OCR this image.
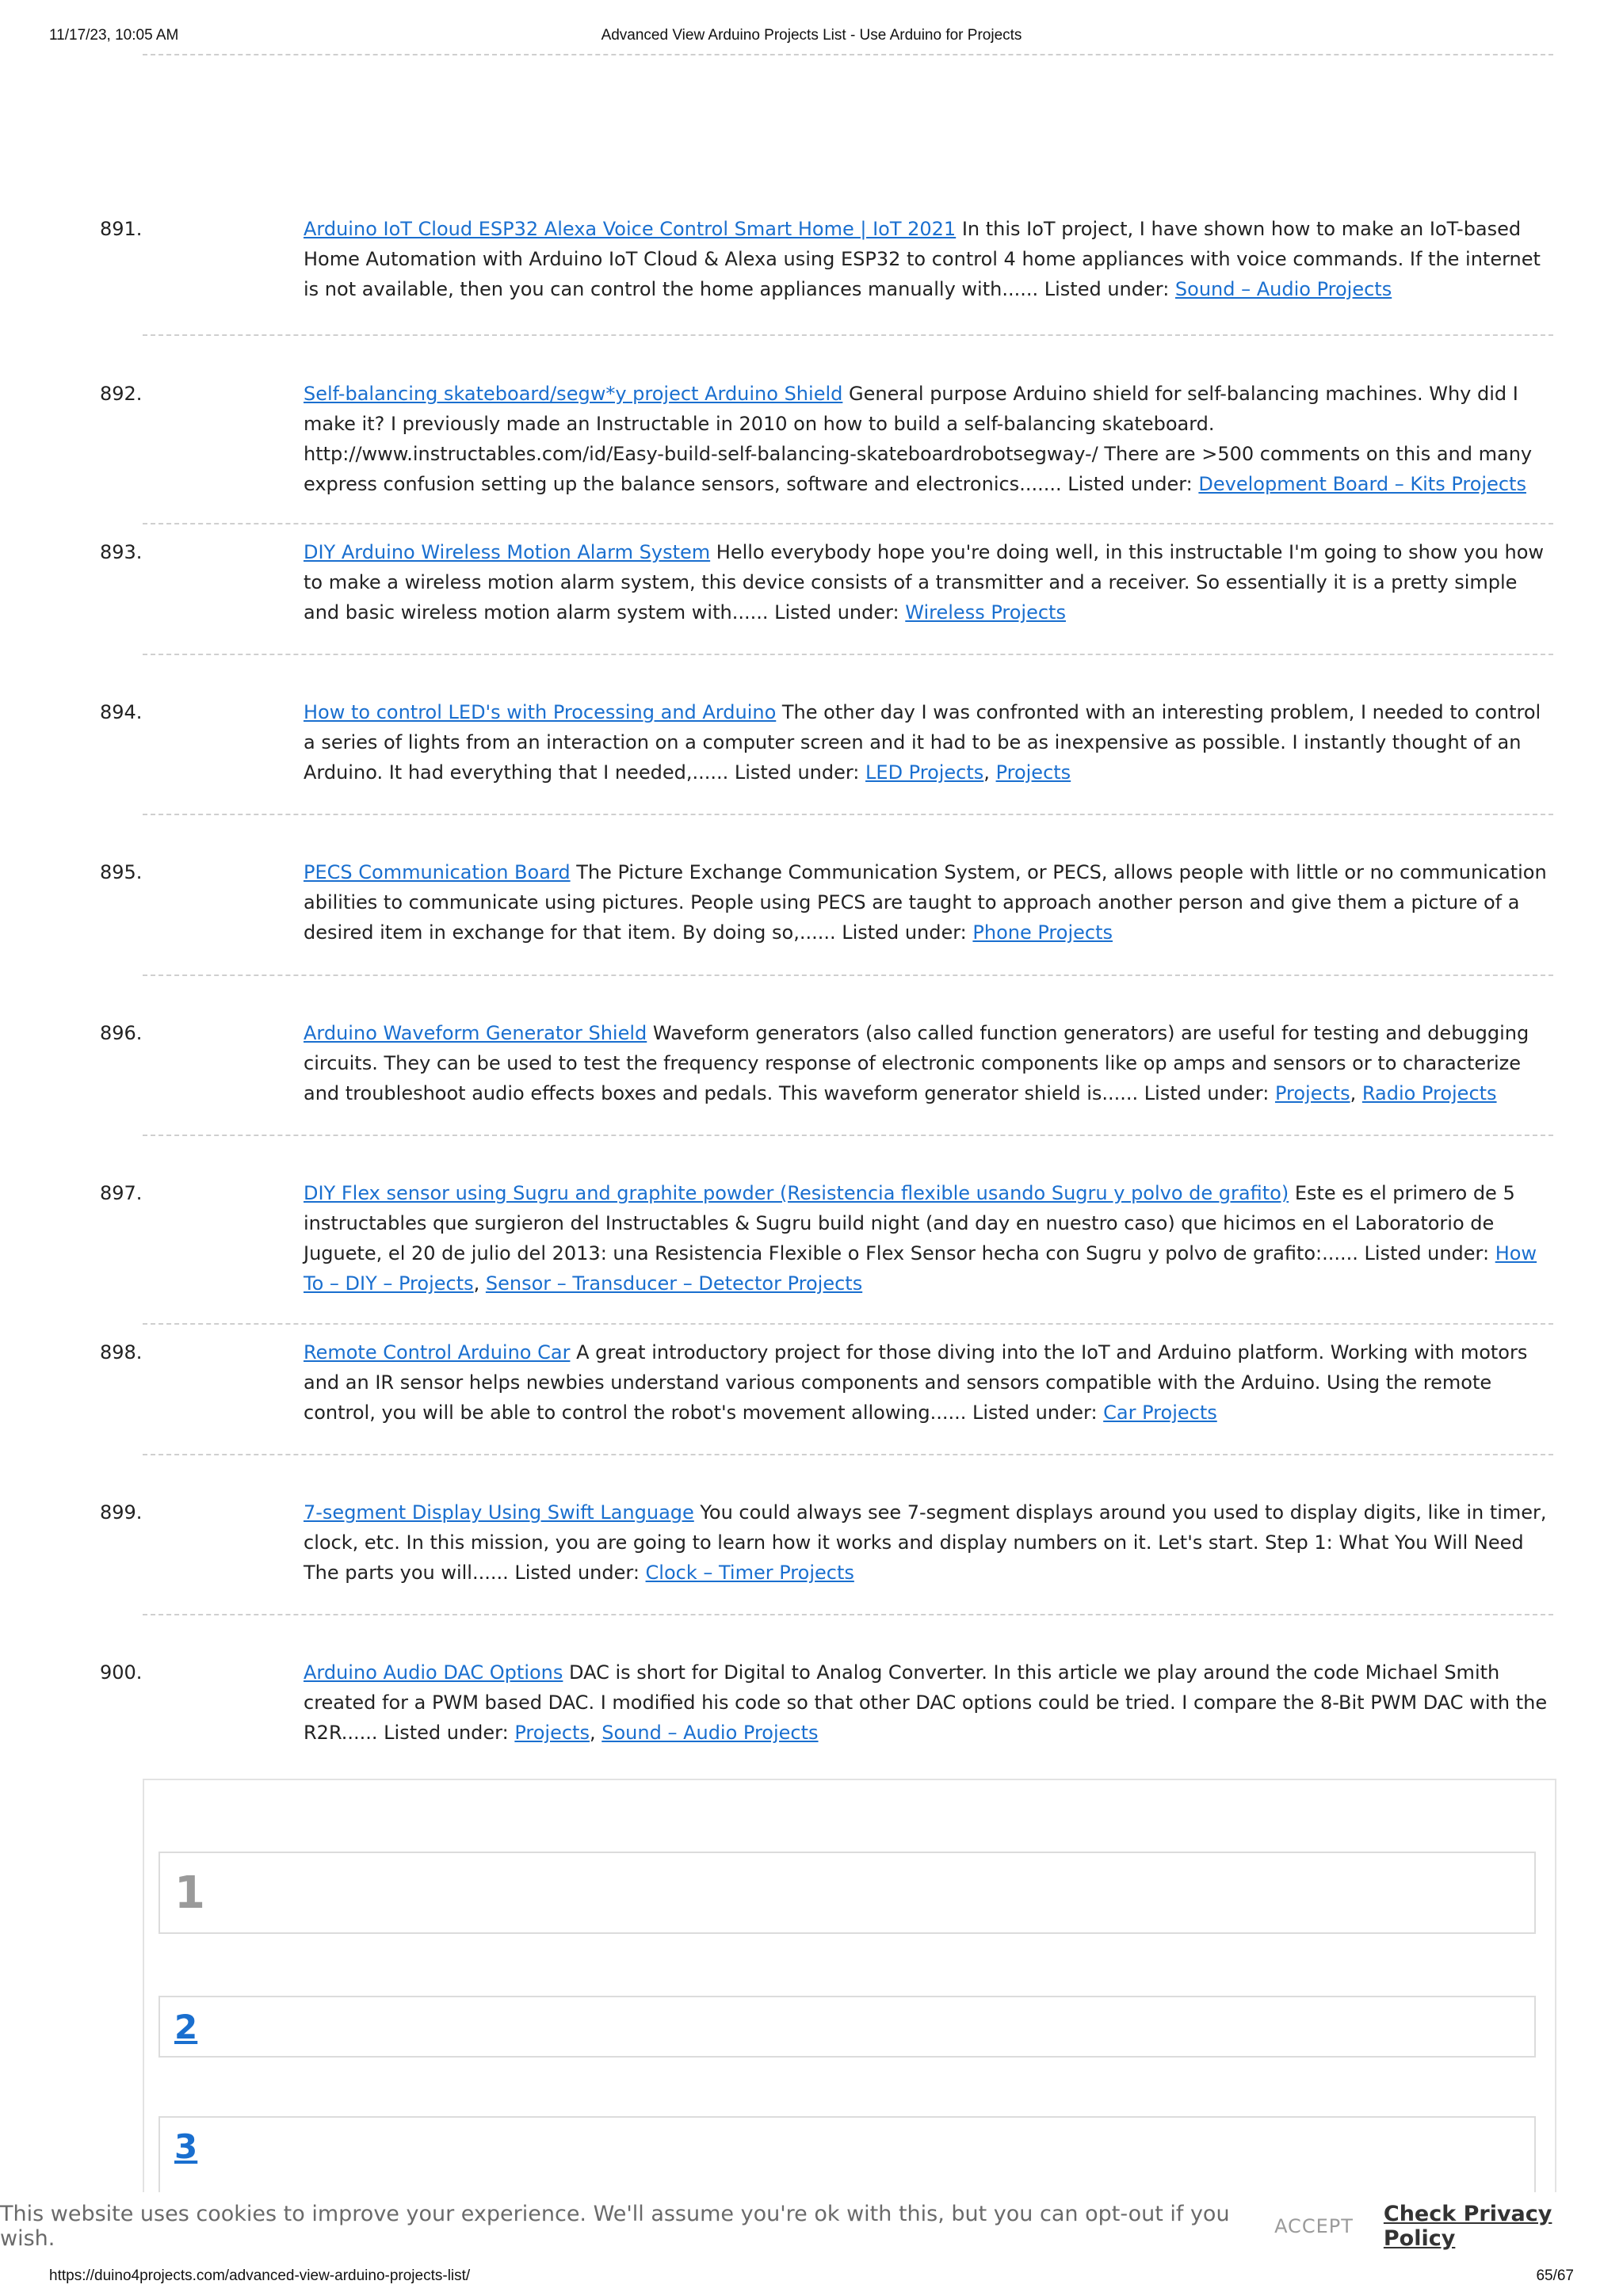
11/17/23, 10:05 AM	Advanced View Arduino Projects List - Use Arduino for Projects
891.	Arduino IoT Cloud ESP32 Alexa Voice Control Smart Home | IoT 2021 In this IoT project, I have shown how to make an IoT-based Home Automation with Arduino IoT Cloud & Alexa using ESP32 to control 4 home appliances with voice commands. If the internet is not available, then you can control the home appliances manually with...... Listed under: Sound – Audio Projects
892.	Self-balancing skateboard/segw*y project Arduino Shield General purpose Arduino shield for self-balancing machines. Why did I make it? I previously made an Instructable in 2010 on how to build a self-balancing skateboard. http://www.instructables.com/id/Easy-build-self-balancing-skateboardrobotsegway-/ There are >500 comments on this and many express confusion setting up the balance sensors, software and electronics....... Listed under: Development Board – Kits Projects
893.	DIY Arduino Wireless Motion Alarm System Hello everybody hope you're doing well, in this instructable I'm going to show you how to make a wireless motion alarm system, this device consists of a transmitter and a receiver. So essentially it is a pretty simple and basic wireless motion alarm system with...... Listed under: Wireless Projects
894.	How to control LED's with Processing and Arduino The other day I was confronted with an interesting problem, I needed to control a series of lights from an interaction on a computer screen and it had to be as inexpensive as possible. I instantly thought of an Arduino. It had everything that I needed,...... Listed under: LED Projects, Projects
895.	PECS Communication Board The Picture Exchange Communication System, or PECS, allows people with little or no communication abilities to communicate using pictures. People using PECS are taught to approach another person and give them a picture of a desired item in exchange for that item. By doing so,...... Listed under: Phone Projects
896.	Arduino Waveform Generator Shield Waveform generators (also called function generators) are useful for testing and debugging circuits. They can be used to test the frequency response of electronic components like op amps and sensors or to characterize and troubleshoot audio effects boxes and pedals. This waveform generator shield is...... Listed under: Projects, Radio Projects
897.	DIY Flex sensor using Sugru and graphite powder (Resistencia flexible usando Sugru y polvo de grafito) Este es el primero de 5 instructables que surgieron del Instructables & Sugru build night (and day en nuestro caso) que hicimos en el Laboratorio de Juguete, el 20 de julio del 2013: una Resistencia Flexible o Flex Sensor hecha con Sugru y polvo de grafito:...... Listed under: How To – DIY – Projects, Sensor – Transducer – Detector Projects
898.	Remote Control Arduino Car A great introductory project for those diving into the IoT and Arduino platform. Working with motors and an IR sensor helps newbies understand various components and sensors compatible with the Arduino. Using the remote control, you will be able to control the robot's movement allowing...... Listed under: Car Projects
899.	7-segment Display Using Swift Language You could always see 7-segment displays around you used to display digits, like in timer, clock, etc. In this mission, you are going to learn how it works and display numbers on it. Let's start. Step 1: What You Will Need The parts you will...... Listed under: Clock – Timer Projects
900.	Arduino Audio DAC Options DAC is short for Digital to Analog Converter. In this article we play around the code Michael Smith created for a PWM based DAC. I modified his code so that other DAC options could be tried. I compare the 8-Bit PWM DAC with the R2R...... Listed under: Projects, Sound – Audio Projects
1
2
3
This website uses cookies to improve your experience. We'll assume you're ok with this, but you can opt-out if you wish.	ACCEPT Check Privacy Policy
https://duino4projects.com/advanced-view-arduino-projects-list/	65/67
